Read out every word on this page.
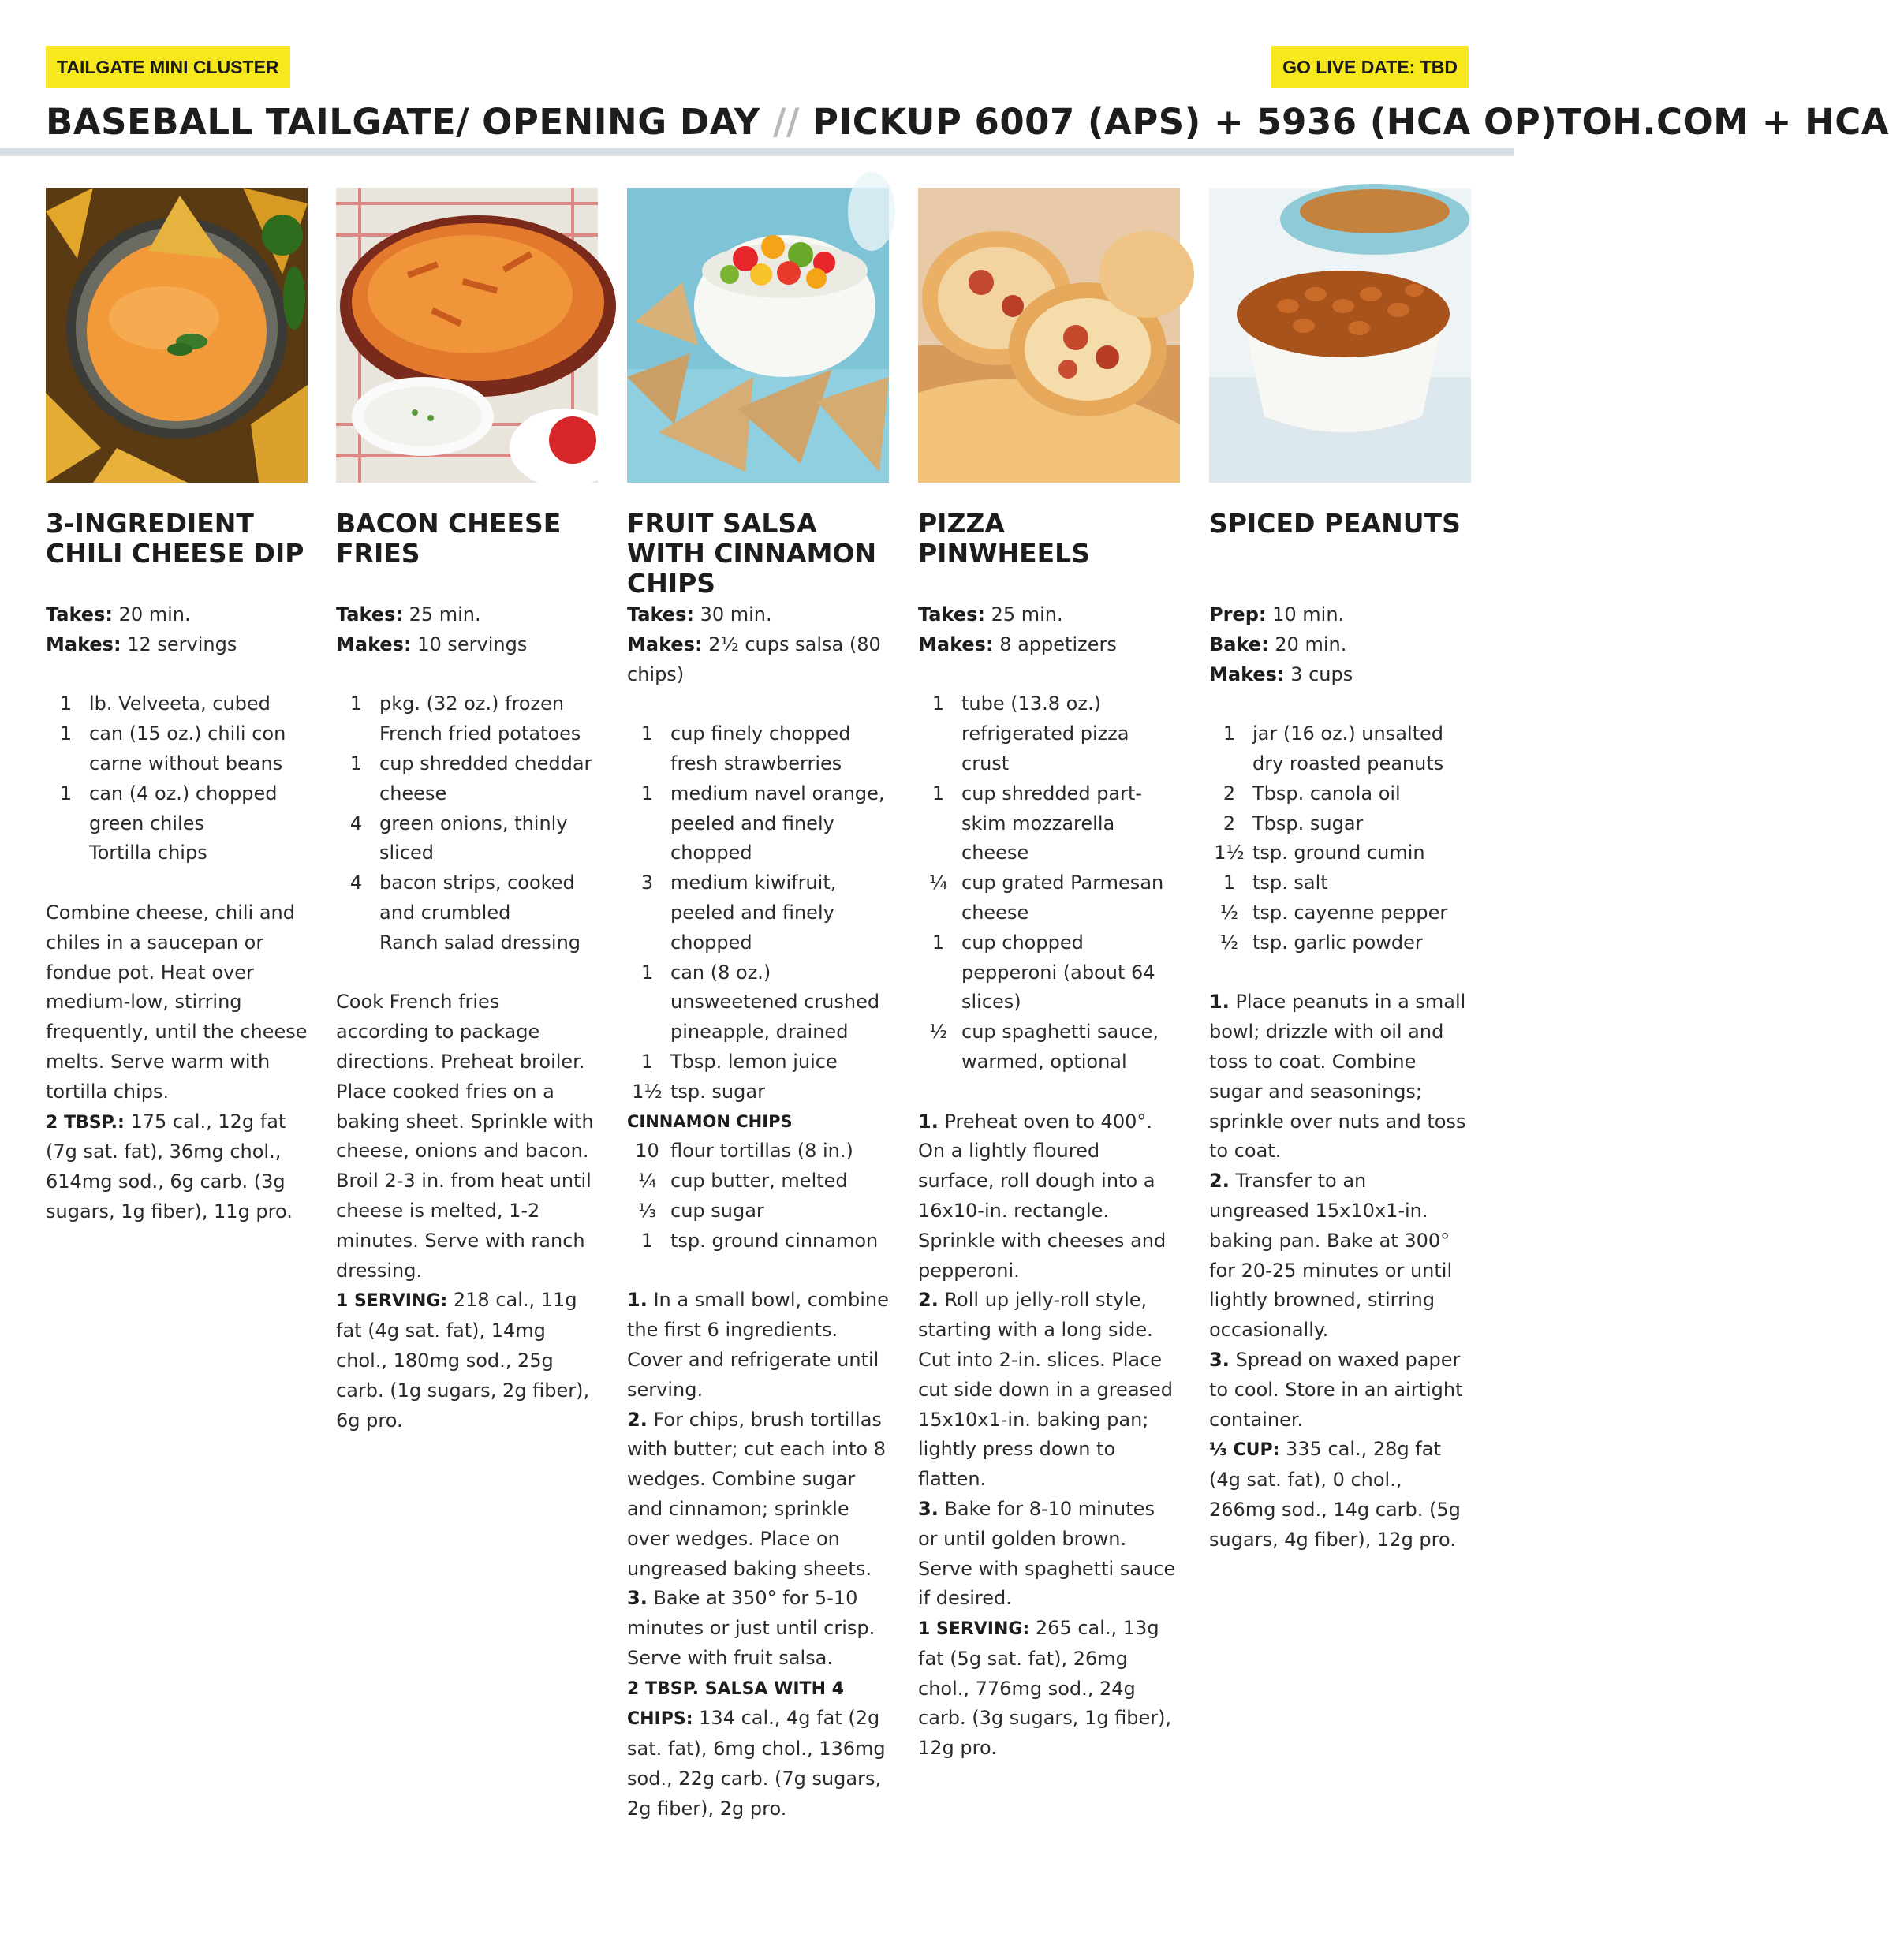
TAILGATE MINI CLUSTER	GO LIVE DATE: TBD
BASEBALL TAILGATE/ OPENING DAY // PICKUP 6007 (APS) + 5936 (HCA OP) TOH.COM + HCA
3-INGREDIENT CHILI CHEESE DIP
Takes: 20 min.
Makes: 12 servings
1 lb. Velveeta, cubed
1 can (15 oz.) chili con carne without beans
1 can (4 oz.) chopped green chiles
Tortilla chips
Combine cheese, chili and chiles in a saucepan or fondue pot. Heat over medium-low, stirring frequently, until the cheese melts. Serve warm with tortilla chips.
2 TBSP.: 175 cal., 12g fat (7g sat. fat), 36mg chol., 614mg sod., 6g carb. (3g sugars, 1g fiber), 11g pro.
BACON CHEESE FRIES
Takes: 25 min.
Makes: 10 servings
1 pkg. (32 oz.) frozen French fried potatoes
1 cup shredded cheddar cheese
4 green onions, thinly sliced
4 bacon strips, cooked and crumbled
Ranch salad dressing
Cook French fries according to package directions. Preheat broiler. Place cooked fries on a baking sheet. Sprinkle with cheese, onions and bacon. Broil 2-3 in. from heat until cheese is melted, 1-2 minutes. Serve with ranch dressing.
1 SERVING: 218 cal., 11g fat (4g sat. fat), 14mg chol., 180mg sod., 25g carb. (1g sugars, 2g fiber), 6g pro.
FRUIT SALSA WITH CINNAMON CHIPS
Takes: 30 min.
Makes: 2½ cups salsa (80 chips)
1 cup finely chopped fresh strawberries
1 medium navel orange, peeled and finely chopped
3 medium kiwifruit, peeled and finely chopped
1 can (8 oz.) unsweetened crushed pineapple, drained
1 Tbsp. lemon juice
1½ tsp. sugar
CINNAMON CHIPS
10 flour tortillas (8 in.)
¼ cup butter, melted
⅓ cup sugar
1 tsp. ground cinnamon
1. In a small bowl, combine the first 6 ingredients. Cover and refrigerate until serving.
2. For chips, brush tortillas with butter; cut each into 8 wedges. Combine sugar and cinnamon; sprinkle over wedges. Place on ungreased baking sheets.
3. Bake at 350° for 5-10 minutes or just until crisp. Serve with fruit salsa.
2 TBSP. SALSA WITH 4 CHIPS: 134 cal., 4g fat (2g sat. fat), 6mg chol., 136mg sod., 22g carb. (7g sugars, 2g fiber), 2g pro.
PIZZA PINWHEELS
Takes: 25 min.
Makes: 8 appetizers
1 tube (13.8 oz.) refrigerated pizza crust
1 cup shredded part-skim mozzarella cheese
¼ cup grated Parmesan cheese
1 cup chopped pepperoni (about 64 slices)
½ cup spaghetti sauce, warmed, optional
1. Preheat oven to 400°. On a lightly floured surface, roll dough into a 16x10-in. rectangle. Sprinkle with cheeses and pepperoni.
2. Roll up jelly-roll style, starting with a long side. Cut into 2-in. slices. Place cut side down in a greased 15x10x1-in. baking pan; lightly press down to flatten.
3. Bake for 8-10 minutes or until golden brown. Serve with spaghetti sauce if desired.
1 SERVING: 265 cal., 13g fat (5g sat. fat), 26mg chol., 776mg sod., 24g carb. (3g sugars, 1g fiber), 12g pro.
SPICED PEANUTS
Prep: 10 min.
Bake: 20 min.
Makes: 3 cups
1 jar (16 oz.) unsalted dry roasted peanuts
2 Tbsp. canola oil
2 Tbsp. sugar
1½ tsp. ground cumin
1 tsp. salt
½ tsp. cayenne pepper
½ tsp. garlic powder
1. Place peanuts in a small bowl; drizzle with oil and toss to coat. Combine sugar and seasonings; sprinkle over nuts and toss to coat.
2. Transfer to an ungreased 15x10x1-in. baking pan. Bake at 300° for 20-25 minutes or until lightly browned, stirring occasionally.
3. Spread on waxed paper to cool. Store in an airtight container.
⅓ CUP: 335 cal., 28g fat (4g sat. fat), 0 chol., 266mg sod., 14g carb. (5g sugars, 4g fiber), 12g pro.
